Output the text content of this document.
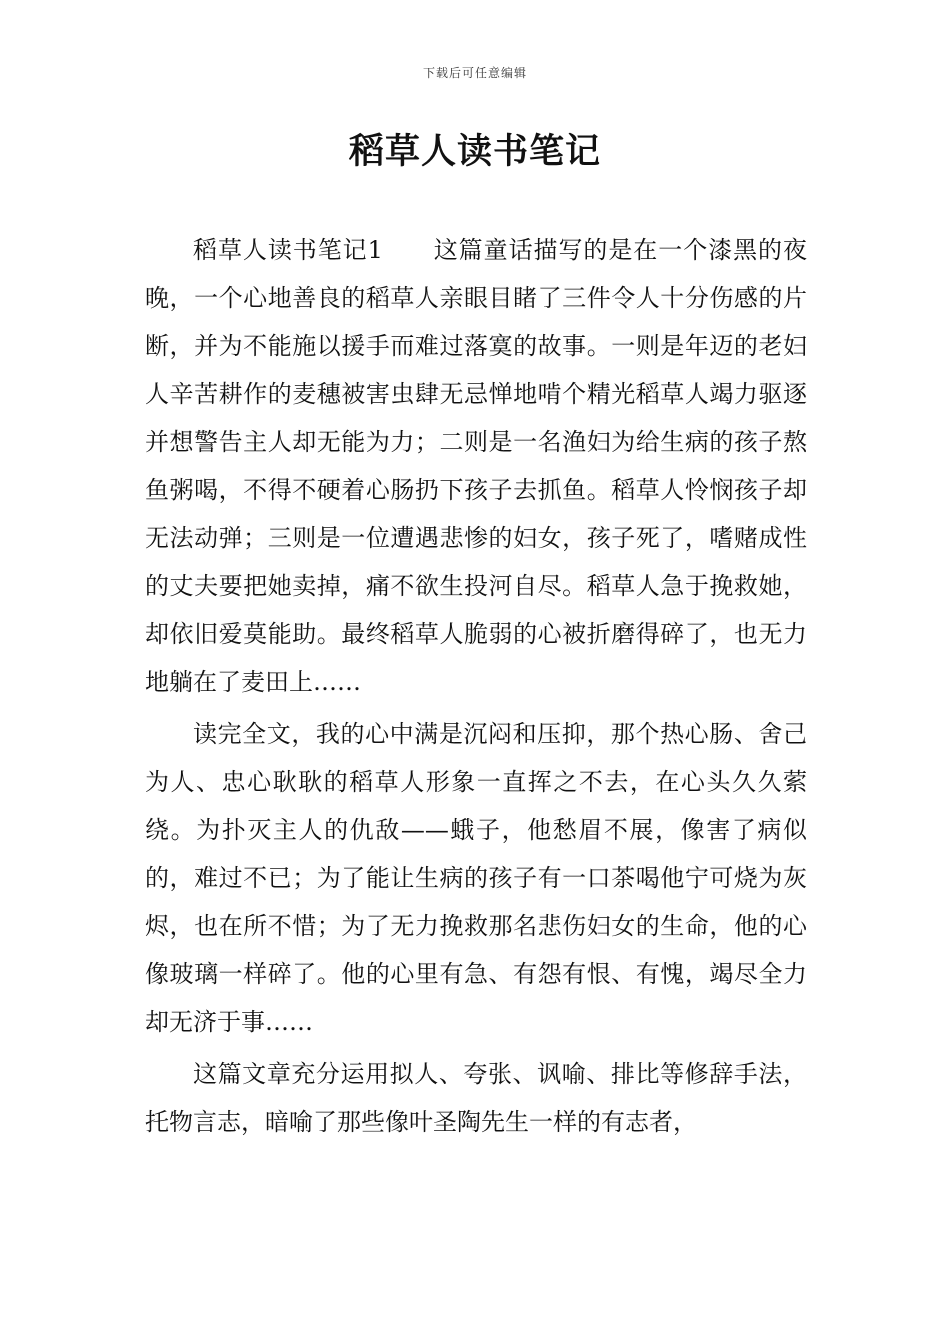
下载后可任意编辑
稻草人读书笔记

稻草人读书笔记1　　这篇童话描写的是在一个漆黑的夜晚，一个心地善良的稻草人亲眼目睹了三件令人十分伤感的片断，并为不能施以援手而难过落寞的故事。一则是年迈的老妇人辛苦耕作的麦穗被害虫肆无忌惮地啃个精光稻草人竭力驱逐并想警告主人却无能为力；二则是一名渔妇为给生病的孩子熬鱼粥喝，不得不硬着心肠扔下孩子去抓鱼。稻草人怜悯孩子却无法动弹；三则是一位遭遇悲惨的妇女，孩子死了，嗜赌成性的丈夫要把她卖掉，痛不欲生投河自尽。稻草人急于挽救她，却依旧爱莫能助。最终稻草人脆弱的心被折磨得碎了，也无力地躺在了麦田上……

读完全文，我的心中满是沉闷和压抑，那个热心肠、舍己为人、忠心耿耿的稻草人形象一直挥之不去，在心头久久萦绕。为扑灭主人的仇敌——蛾子，他愁眉不展，像害了病似的，难过不已；为了能让生病的孩子有一口茶喝他宁可烧为灰烬，也在所不惜；为了无力挽救那名悲伤妇女的生命，他的心像玻璃一样碎了。他的心里有急、有怨有恨、有愧，竭尽全力却无济于事……

这篇文章充分运用拟人、夸张、讽喻、排比等修辞手法，托物言志，暗喻了那些像叶圣陶先生一样的有志者，
